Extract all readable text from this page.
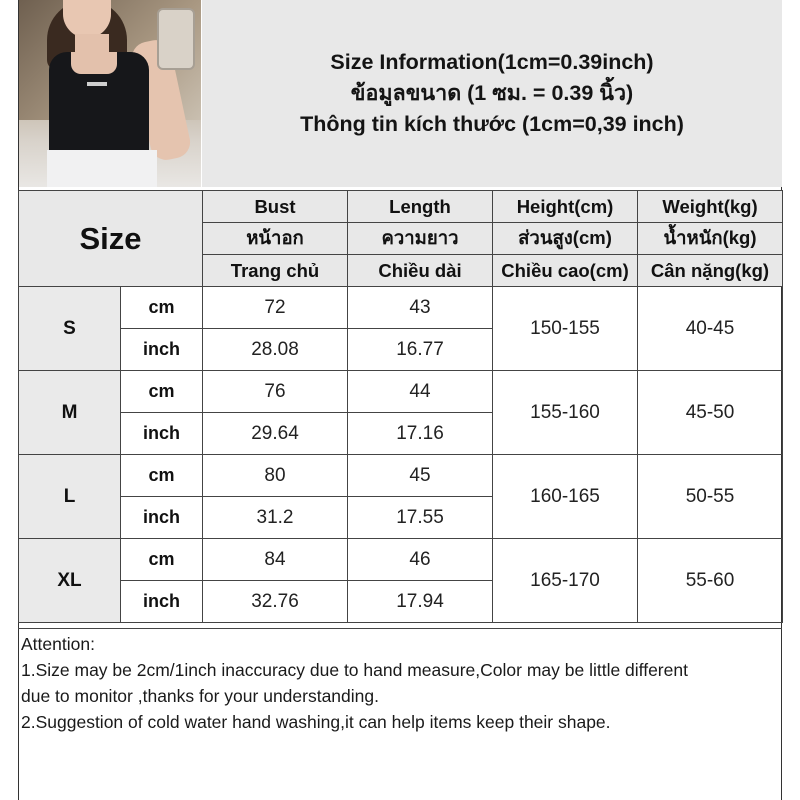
Size Information(1cm=0.39inch)
ข้อมูลขนาด (1 ซม. = 0.39 นิ้ว)
Thông tin kích thước (1cm=0,39 inch)
Size		Bust	Length	Height(cm)	Weight(kg)
		หน้าอก	ความยาว	ส่วนสูง(cm)	น้ำหนัก(kg)
		Trang chủ	Chiều dài	Chiều cao(cm)	Cân nặng(kg)
S	cm	72	43	150-155	40-45
	inch	28.08	16.77		
M	cm	76	44	155-160	45-50
	inch	29.64	17.16		
L	cm	80	45	160-165	50-55
	inch	31.2	17.55		
XL	cm	84	46	165-170	55-60
	inch	32.76	17.94		
Attention:
1.Size may be 2cm/1inch inaccuracy due to hand measure,Color may be little different
due to monitor ,thanks for your understanding.
2.Suggestion of cold water hand washing,it can help items keep their shape.
